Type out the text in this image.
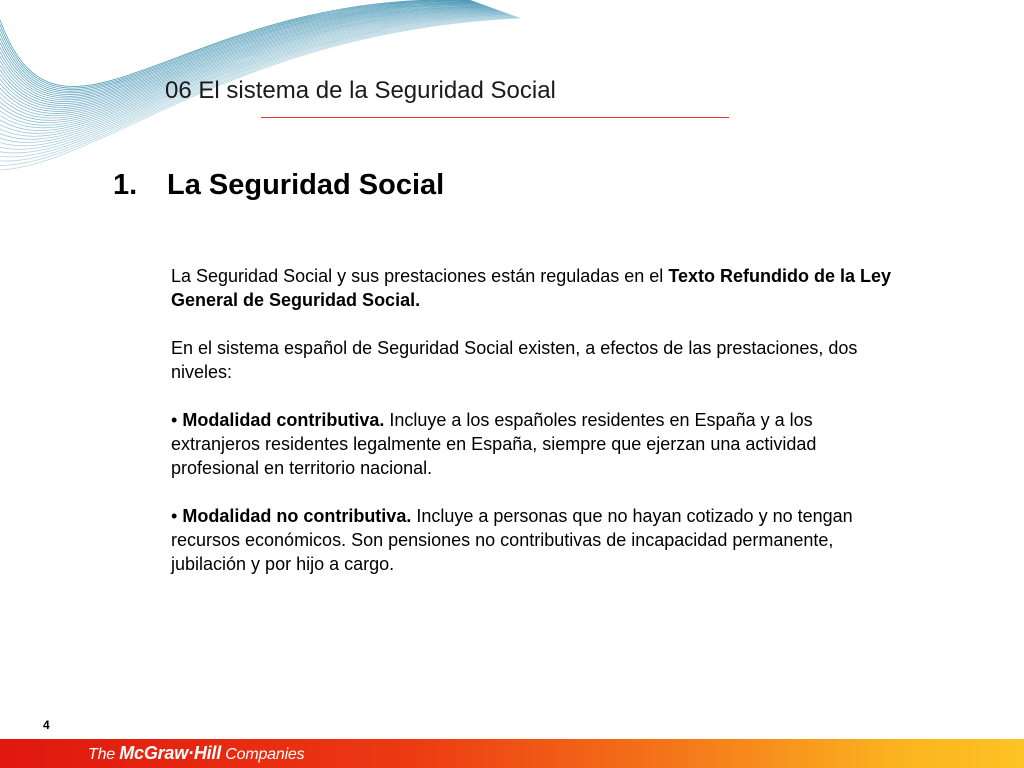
06 El sistema de la Seguridad Social
1. La Seguridad Social

La Seguridad Social y sus prestaciones están reguladas en el Texto Refundido de la Ley General de Seguridad Social.

En el sistema español de Seguridad Social existen, a efectos de las prestaciones, dos niveles:

• Modalidad contributiva. Incluye a los españoles residentes en España y a los extranjeros residentes legalmente en España, siempre que ejerzan una actividad profesional en territorio nacional.

• Modalidad no contributiva. Incluye a personas que no hayan cotizado y no tengan recursos económicos. Son pensiones no contributivas de incapacidad permanente, jubilación y por hijo a cargo.

4
The McGraw·Hill Companies
